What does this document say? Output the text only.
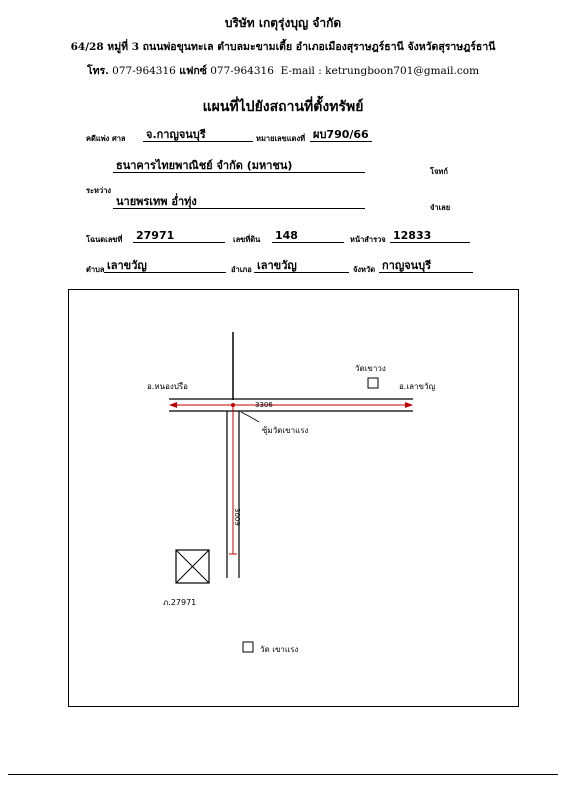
บริษัท เกตุรุ่งบุญ จำกัด
64/28 หมู่ที่ 3 ถนนพ่อขุนทะเล ตำบลมะขามเตี้ย อำเภอเมืองสุราษฎร์ธานี จังหวัดสุราษฎร์ธานี
โทร. 077-964316 แฟกซ์ 077-964316 E-mail : ketrungboon701@gmail.com
แผนที่ไปยังสถานที่ตั้งทรัพย์
คดีแพ่ง ศาล จ.กาญจนบุรี	หมายเลขแดงที่ ผบ790/66
ธนาคารไทยพาณิชย์ จำกัด (มหาชน)	โจทก์
ระหว่าง
นายพรเทพ อ่ำทุ่ง	จำเลย
โฉนดเลขที่ 27971	เลขที่ดิน 148	หน้าสำรวจ 12833
ตำบล เลาขวัญ	อำเภอ เลาขวัญ	จังหวัด กาญจนบุรี
อ.หนองปรือ
วัดเขาวง
อ.เลาขวัญ
3306
ซุ้มวัดเขาแรง
3009
ภ.27971
วัด เขาแรง
